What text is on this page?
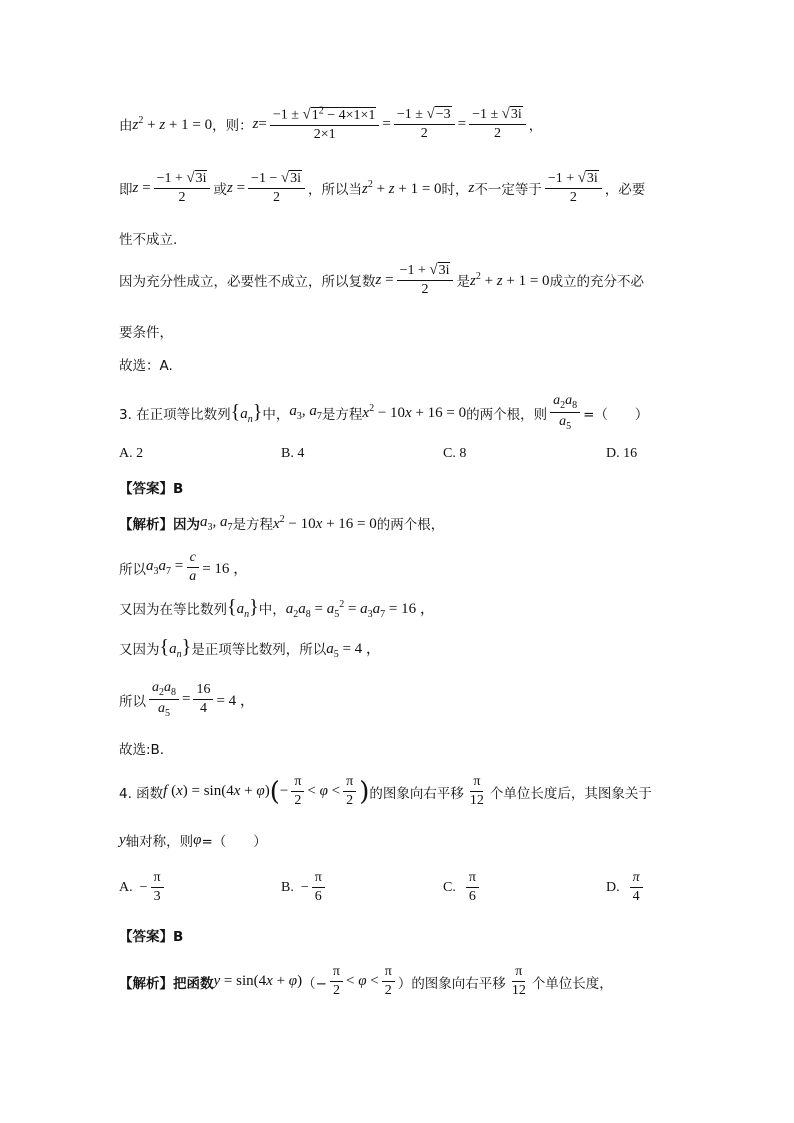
由 $z^2 + z + 1 = 0$ ，则： $z = \frac{-1 \pm √1^2 - 4\times 1\times 1}{2\times 1} = \frac{-1 \pm √-3}{2} = \frac{-1 \pm √3i}{2}$ ，
即 $z = \frac{-1 + √3i}{2}$ 或 $z = \frac{-1 - √3i}{2}$ ，所以当 $z^2 + z + 1 = 0$ 时， z 不一定等于 $\frac{-1 + √3i}{2}$ ，必要
性不成立.
因为充分性成立，必要性不成立，所以复数 $z = \frac{-1 + √3i}{2}$ 是 $z^2 + z + 1 = 0$ 成立的充分不必
要条件，
故选：A.
3. 在正项等比数列 $\{a_n\}$ 中， $a_3$, $a_7$ 是方程 $x^2 - 10x + 16 = 0$ 的两个根，则 $\frac{a_2a_8}{a_5}$ =（　　）
A. 2	B. 4	C. 8	D. 16
【答案】B
【解析】因为 $a_3$, $a_7$ 是方程 $x^2 - 10x + 16 = 0$ 的两个根，
所以 $a_3a_7 = \frac{c}{a} = 16$ ，
又因为在等比数列 $\{a_n\}$ 中， $a_2a_8 = a_5^2 = a_3a_7 = 16$ ，
又因为 $\{a_n\}$ 是正项等比数列，所以 $a_5 = 4$ ，
所以 $\frac{a_2a_8}{a_5} = \frac{16}{4} = 4$ ，
故选:B.
4. 函数 f (x) = sin(4x + φ) ( − $\frac{\pi}{2} < \varphi < \frac{\pi}{2}$ ) 的图象向右平移 $\frac{\pi}{12}$ 个单位长度后，其图象关于
y 轴对称，则 φ =（　　）
A. − $\frac{\pi}{3}$	B. − $\frac{\pi}{6}$	C.
$\frac{\pi}{6}$	D.
$\frac{\pi}{4}$
【答案】B
【解析】把函数 y = sin(4x + φ) （− $\frac{\pi}{2} < \varphi < \frac{\pi}{2}$ ） 的图象向右平移 $\frac{\pi}{12}$ 个单位长度，
